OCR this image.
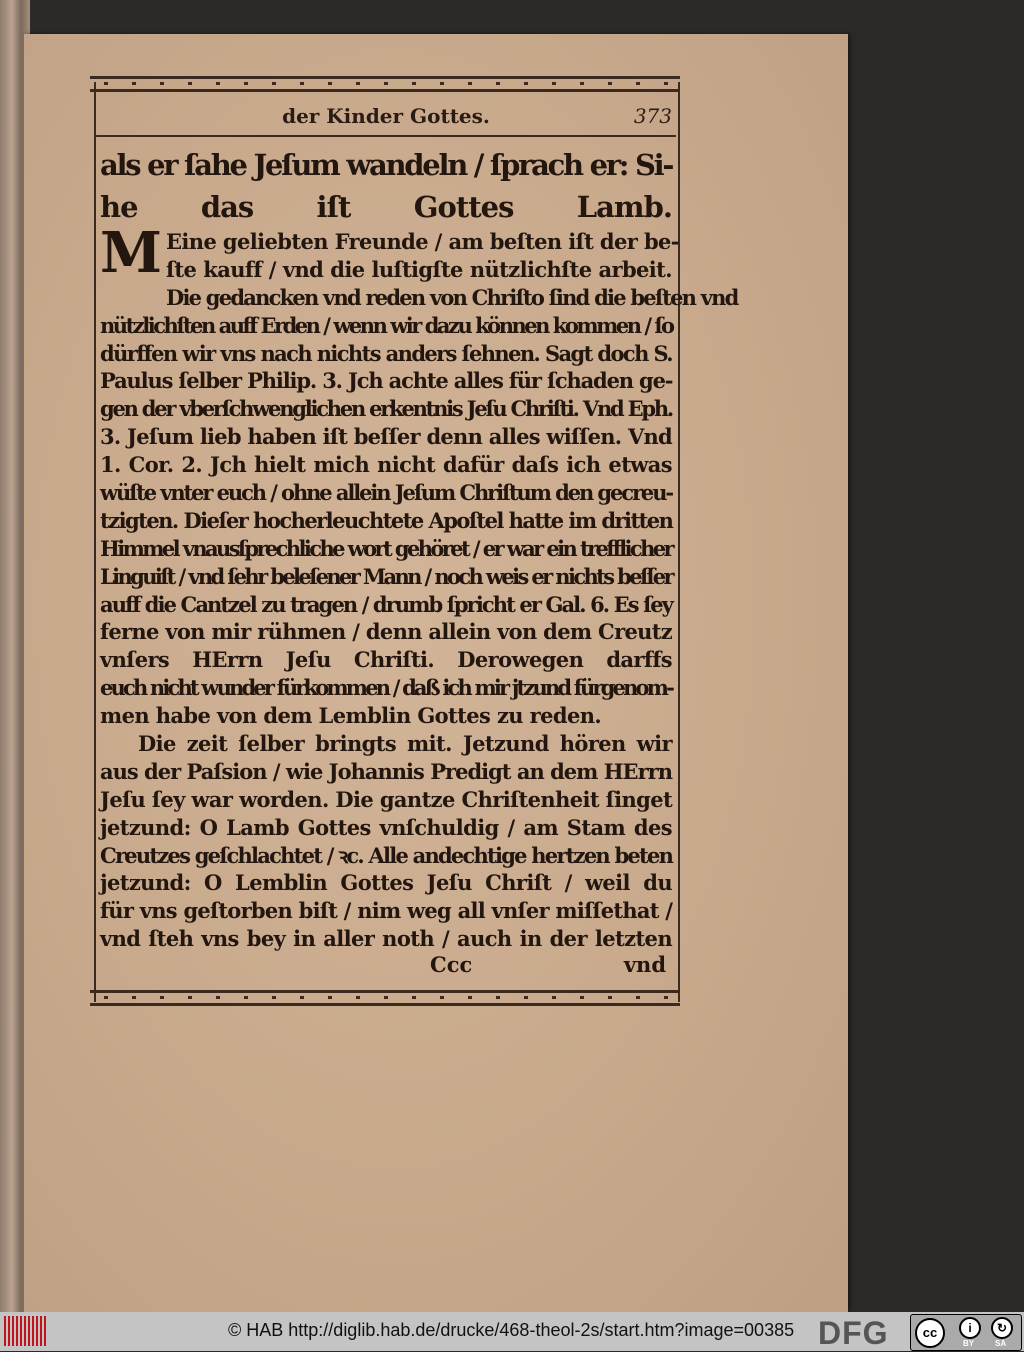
der Kinder Gottes.	373
als er ſahe Jeſum wandeln / ſprach er: Si-
he das iſt Gottes Lamb.
M Eine geliebten Freunde / am beſten iſt der be-
ſte kauff / vnd die luſtigſte nützlichſte arbeit.
Die gedancken vnd reden von Chriſto ſind die beſten vnd
nützlichſten auff Erden / wenn wir dazu können kommen / ſo
dürffen wir vns nach nichts anders ſehnen. Sagt doch S.
Paulus ſelber Philip. 3. Jch achte alles für ſchaden ge-
gen der vberſchwenglichen erkentnis Jeſu Chriſti. Vnd Eph.
3. Jeſum lieb haben iſt beſſer denn alles wiſſen. Vnd
1. Cor. 2. Jch hielt mich nicht dafür daſs ich etwas
wüſte vnter euch / ohne allein Jeſum Chriſtum den gecreu-
tzigten. Dieſer hocherleuchtete Apoſtel hatte im dritten
Himmel vnausſprechliche wort gehöret / er war ein trefflicher
Linguiſt / vnd ſehr beleſener Mann / noch weis er nichts beſſer
auff die Cantzel zu tragen / drumb ſpricht er Gal. 6. Es ſey
ferne von mir rühmen / denn allein von dem Creutz
vnſers HErrn Jeſu Chriſti. Derowegen darffs
euch nicht wunder fürkommen / daß ich mir jtzund fürgenom-
men habe von dem Lemblin Gottes zu reden.
Die zeit ſelber bringts mit. Jetzund hören wir
aus der Paſsion / wie Johannis Predigt an dem HErrn
Jeſu ſey war worden. Die gantze Chriſtenheit ſinget
jetzund: O Lamb Gottes vnſchuldig / am Stam des
Creutzes geſchlachtet / ꝛc. Alle andechtige hertzen beten
jetzund: O Lemblin Gottes Jeſu Chriſt / weil du
für vns geſtorben biſt / nim weg all vnſer miſſethat /
vnd ſteh vns bey in aller noth / auch in der letzten
Ccc	vnd
© HAB http://diglib.hab.de/drucke/468-theol-2s/start.htm?image=00385 DFG	cc	i	↻
BY	SA
